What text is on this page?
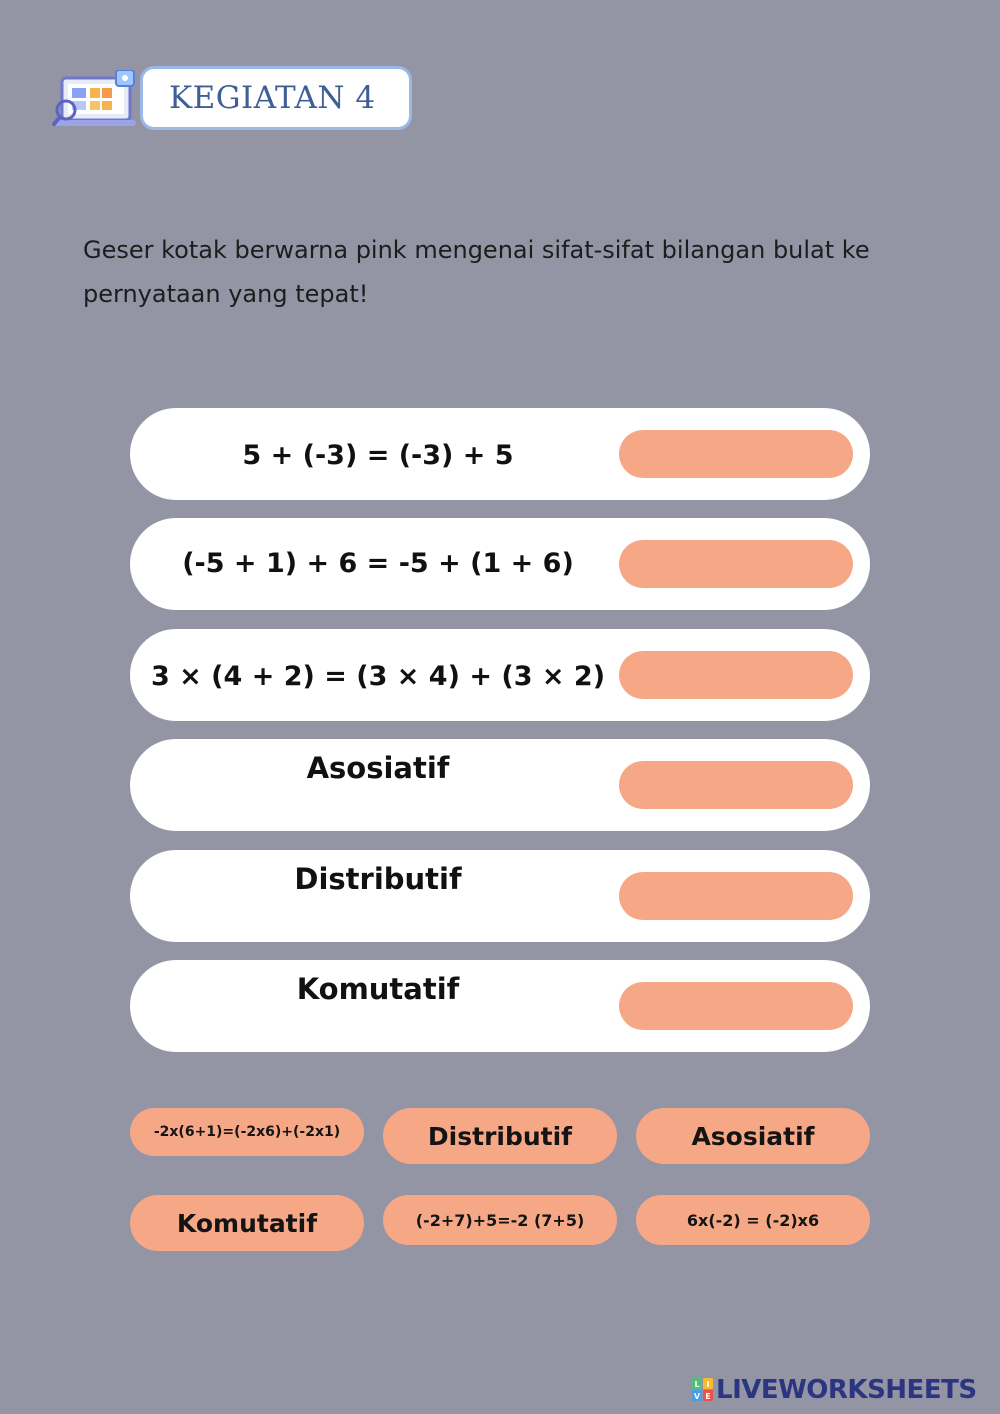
KEGIATAN 4
Geser kotak berwarna pink mengenai sifat-sifat bilangan bulat ke pernyataan yang tepat!
5 + (-3) = (-3) + 5
(-5 + 1) + 6 = -5 + (1 + 6)
3 × (4 + 2) = (3 × 4) + (3 × 2)
Asosiatif
Distributif
Komutatif
-2x(6+1)=(-2x6)+(-2x1)	Distributif	Asosiatif
Komutatif	(-2+7)+5=-2 (7+5)	6x(-2) = (-2)x6
L I
V E LIVEWORKSHEETS
